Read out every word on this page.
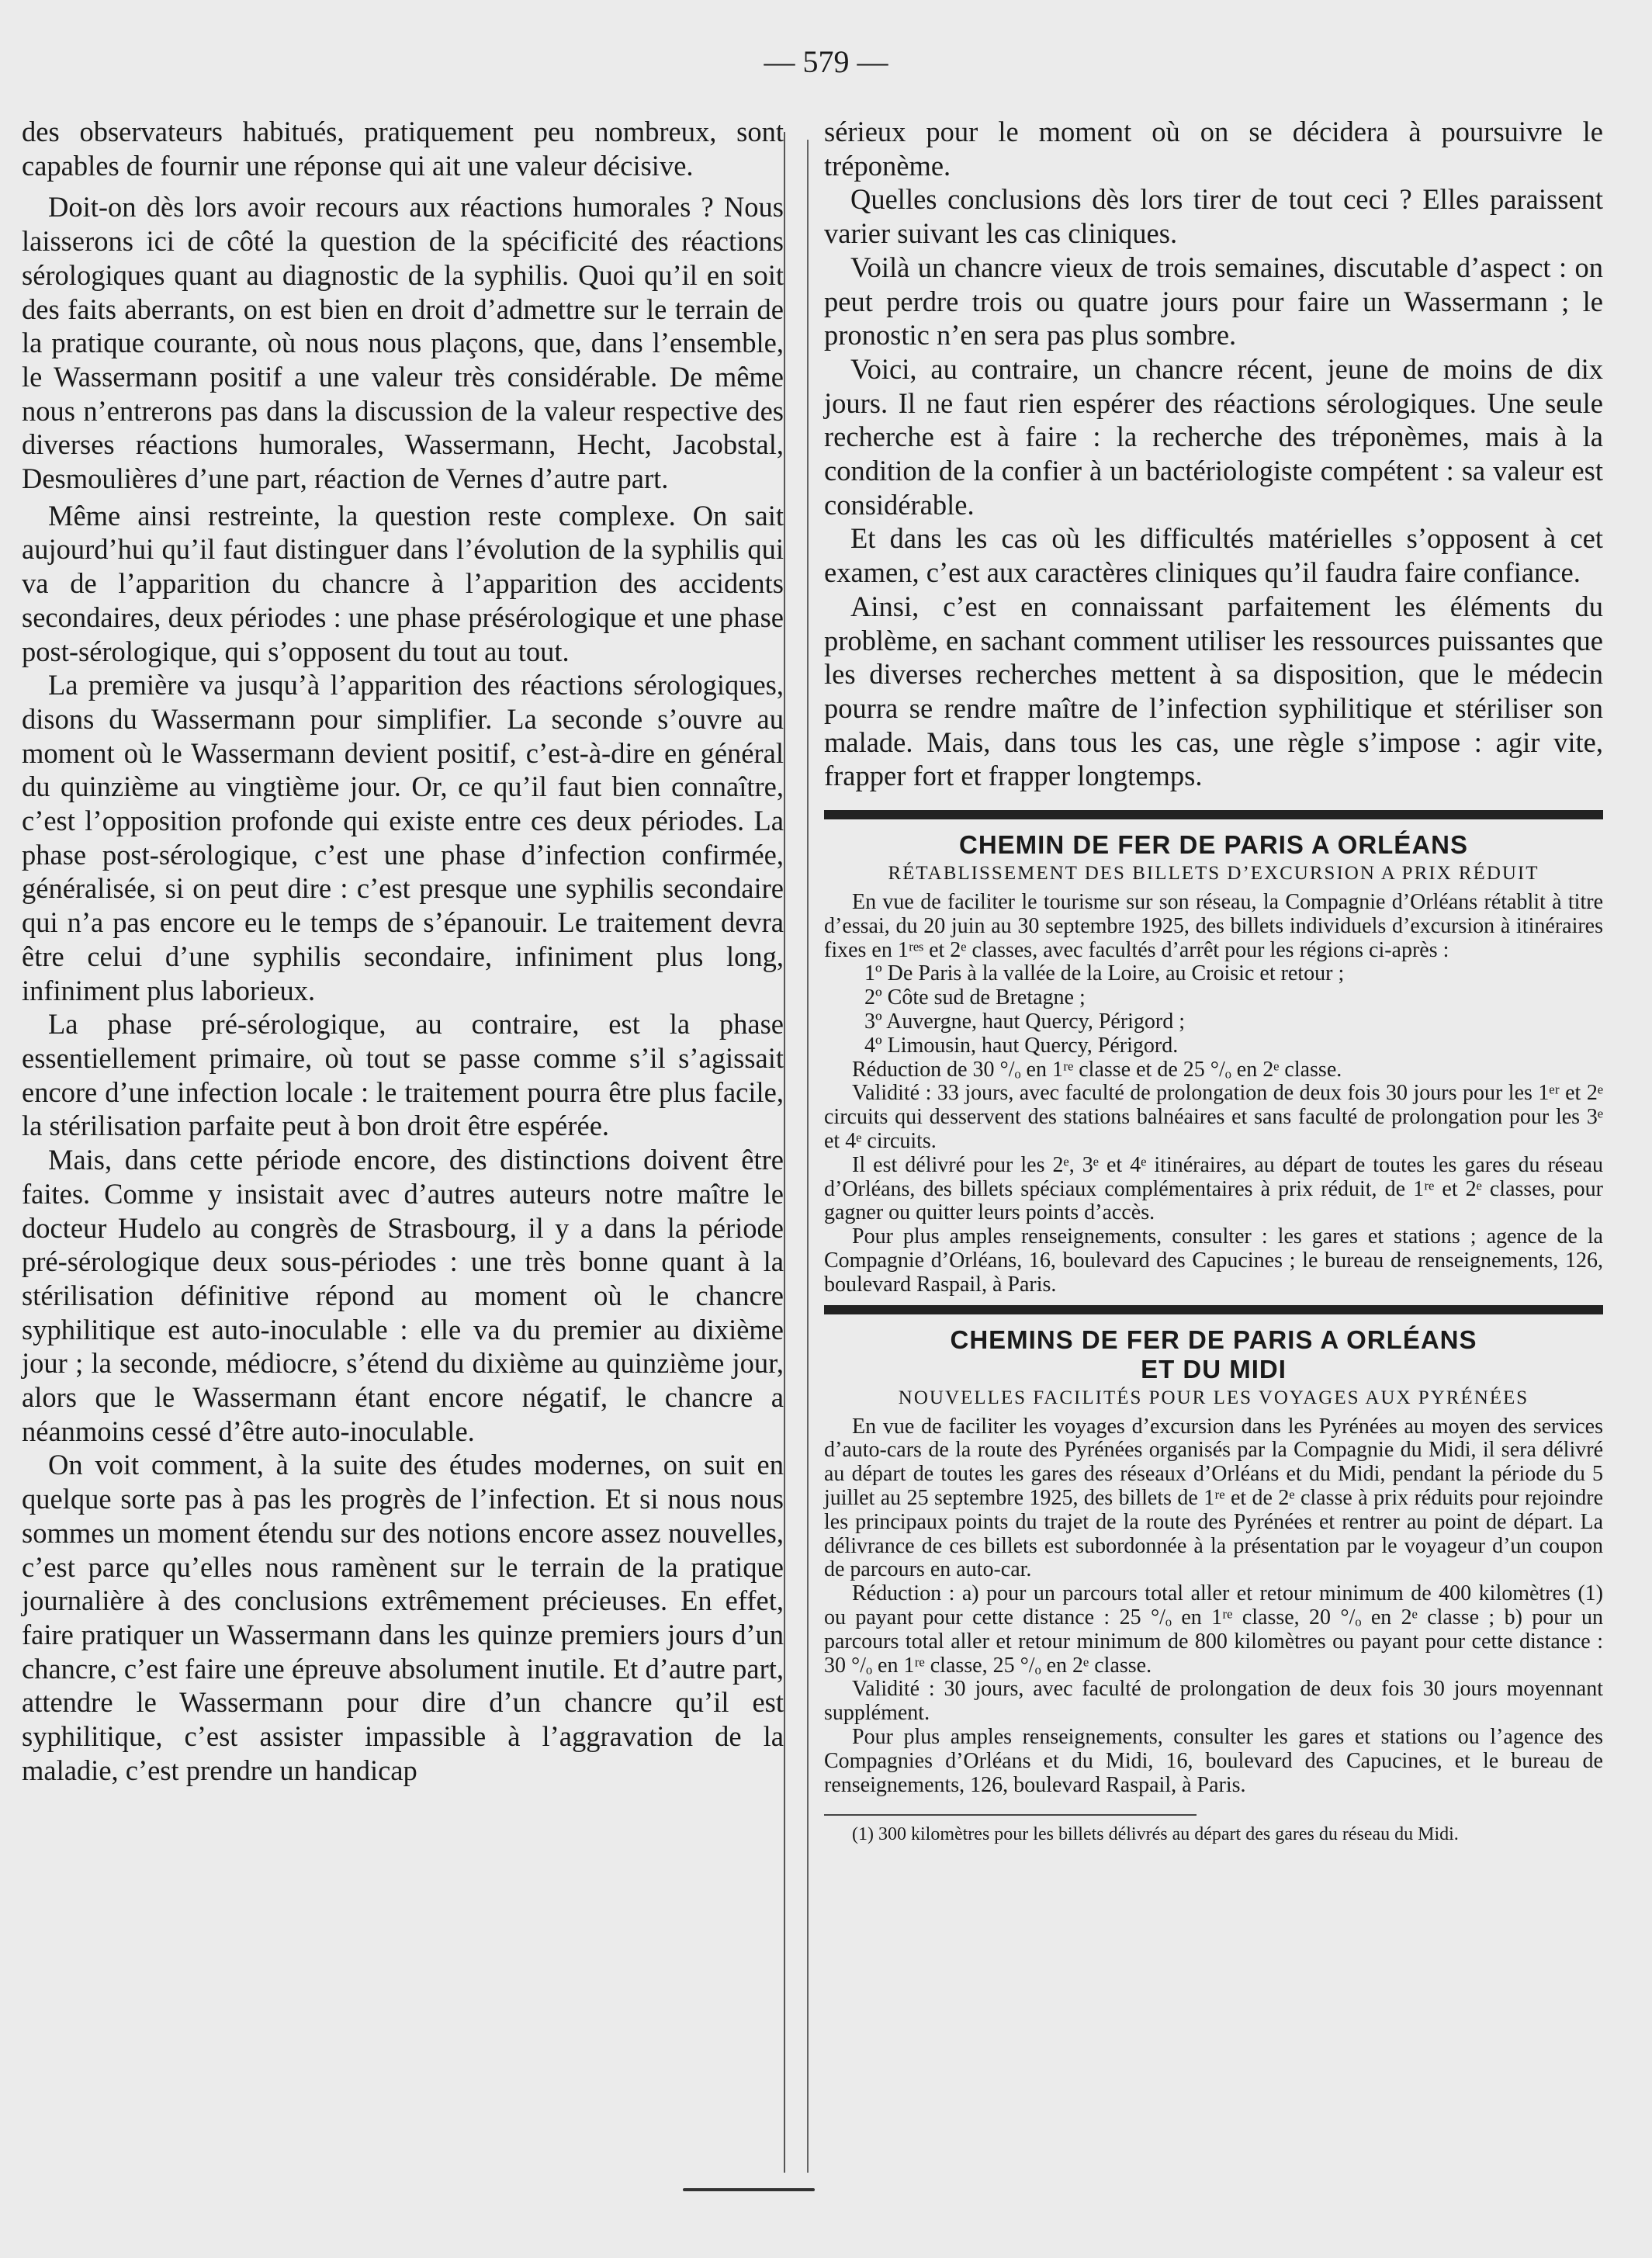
— 579 —

des observateurs habitués, pratiquement peu nombreux, sont capables de fournir une réponse qui ait une valeur décisive.

Doit-on dès lors avoir recours aux réactions humorales ? Nous laisserons ici de côté la question de la spécificité des réactions sérologiques quant au diagnostic de la syphilis. Quoi qu’il en soit des faits aberrants, on est bien en droit d’admettre sur le terrain de la pratique courante, où nous nous plaçons, que, dans l’ensemble, le Wassermann positif a une valeur très considérable. De même nous n’entrerons pas dans la discussion de la valeur respective des diverses réactions humorales, Wassermann, Hecht, Jacobstal, Desmoulières d’une part, réaction de Vernes d’autre part.

Même ainsi restreinte, la question reste complexe. On sait aujourd’hui qu’il faut distinguer dans l’évolution de la syphilis qui va de l’apparition du chancre à l’apparition des accidents secondaires, deux périodes : une phase présérologique et une phase post-sérologique, qui s’opposent du tout au tout.

La première va jusqu’à l’apparition des réactions sérologiques, disons du Wassermann pour simplifier. La seconde s’ouvre au moment où le Wassermann devient positif, c’est-à-dire en général du quinzième au vingtième jour. Or, ce qu’il faut bien connaître, c’est l’opposition profonde qui existe entre ces deux périodes. La phase post-sérologique, c’est une phase d’infection confirmée, généralisée, si on peut dire : c’est presque une syphilis secondaire qui n’a pas encore eu le temps de s’épanouir. Le traitement devra être celui d’une syphilis secondaire, infiniment plus long, infiniment plus laborieux.

La phase pré-sérologique, au contraire, est la phase essentiellement primaire, où tout se passe comme s’il s’agissait encore d’une infection locale : le traitement pourra être plus facile, la stérilisation parfaite peut à bon droit être espérée.

Mais, dans cette période encore, des distinctions doivent être faites. Comme y insistait avec d’autres auteurs notre maître le docteur Hudelo au congrès de Strasbourg, il y a dans la période pré-sérologique deux sous-périodes : une très bonne quant à la stérilisation définitive répond au moment où le chancre syphilitique est auto-inoculable : elle va du premier au dixième jour ; la seconde, médiocre, s’étend du dixième au quinzième jour, alors que le Wassermann étant encore négatif, le chancre a néanmoins cessé d’être auto-inoculable.

On voit comment, à la suite des études modernes, on suit en quelque sorte pas à pas les progrès de l’infection. Et si nous nous sommes un moment étendu sur des notions encore assez nouvelles, c’est parce qu’elles nous ramènent sur le terrain de la pratique journalière à des conclusions extrêmement précieuses. En effet, faire pratiquer un Wassermann dans les quinze premiers jours d’un chancre, c’est faire une épreuve absolument inutile. Et d’autre part, attendre le Wassermann pour dire d’un chancre qu’il est syphilitique, c’est assister impassible à l’aggravation de la maladie, c’est prendre un handicap

sérieux pour le moment où on se décidera à poursuivre le tréponème.

Quelles conclusions dès lors tirer de tout ceci ? Elles paraissent varier suivant les cas cliniques.

Voilà un chancre vieux de trois semaines, discutable d’aspect : on peut perdre trois ou quatre jours pour faire un Wassermann ; le pronostic n’en sera pas plus sombre.

Voici, au contraire, un chancre récent, jeune de moins de dix jours. Il ne faut rien espérer des réactions sérologiques. Une seule recherche est à faire : la recherche des tréponèmes, mais à la condition de la confier à un bactériologiste compétent : sa valeur est considérable.

Et dans les cas où les difficultés matérielles s’opposent à cet examen, c’est aux caractères cliniques qu’il faudra faire confiance.

Ainsi, c’est en connaissant parfaitement les éléments du problème, en sachant comment utiliser les ressources puissantes que les diverses recherches mettent à sa disposition, que le médecin pourra se rendre maître de l’infection syphilitique et stériliser son malade. Mais, dans tous les cas, une règle s’impose : agir vite, frapper fort et frapper longtemps.

CHEMIN DE FER DE PARIS A ORLÉANS
RÉTABLISSEMENT DES BILLETS D’EXCURSION A PRIX RÉDUIT

En vue de faciliter le tourisme sur son réseau, la Compagnie d’Orléans rétablit à titre d’essai, du 20 juin au 30 septembre 1925, des billets individuels d’excursion à itinéraires fixes en 1ʳᵉˢ et 2ᵉ classes, avec facultés d’arrêt pour les régions ci-après :

1º De Paris à la vallée de la Loire, au Croisic et retour ;
2º Côte sud de Bretagne ;
3º Auvergne, haut Quercy, Périgord ;
4º Limousin, haut Quercy, Périgord.

Réduction de 30 °/ₒ en 1ʳᵉ classe et de 25 °/ₒ en 2ᵉ classe.

Validité : 33 jours, avec faculté de prolongation de deux fois 30 jours pour les 1ᵉʳ et 2ᵉ circuits qui desservent des stations balnéaires et sans faculté de prolongation pour les 3ᵉ et 4ᵉ circuits.

Il est délivré pour les 2ᵉ, 3ᵉ et 4ᵉ itinéraires, au départ de toutes les gares du réseau d’Orléans, des billets spéciaux complémentaires à prix réduit, de 1ʳᵉ et 2ᵉ classes, pour gagner ou quitter leurs points d’accès.

Pour plus amples renseignements, consulter : les gares et stations ; agence de la Compagnie d’Orléans, 16, boulevard des Capucines ; le bureau de renseignements, 126, boulevard Raspail, à Paris.

CHEMINS DE FER DE PARIS A ORLÉANS
ET DU MIDI
NOUVELLES FACILITÉS POUR LES VOYAGES AUX PYRÉNÉES

En vue de faciliter les voyages d’excursion dans les Pyrénées au moyen des services d’auto-cars de la route des Pyrénées organisés par la Compagnie du Midi, il sera délivré au départ de toutes les gares des réseaux d’Orléans et du Midi, pendant la période du 5 juillet au 25 septembre 1925, des billets de 1ʳᵉ et de 2ᵉ classe à prix réduits pour rejoindre les principaux points du trajet de la route des Pyrénées et rentrer au point de départ. La délivrance de ces billets est subordonnée à la présentation par le voyageur d’un coupon de parcours en auto-car.

Réduction : a) pour un parcours total aller et retour minimum de 400 kilomètres (1) ou payant pour cette distance : 25 °/ₒ en 1ʳᵉ classe, 20 °/ₒ en 2ᵉ classe ; b) pour un parcours total aller et retour minimum de 800 kilomètres ou payant pour cette distance : 30 °/ₒ en 1ʳᵉ classe, 25 °/ₒ en 2ᵉ classe.

Validité : 30 jours, avec faculté de prolongation de deux fois 30 jours moyennant supplément.

Pour plus amples renseignements, consulter les gares et stations ou l’agence des Compagnies d’Orléans et du Midi, 16, boulevard des Capucines, et le bureau de renseignements, 126, boulevard Raspail, à Paris.

(1) 300 kilomètres pour les billets délivrés au départ des gares du réseau du Midi.
